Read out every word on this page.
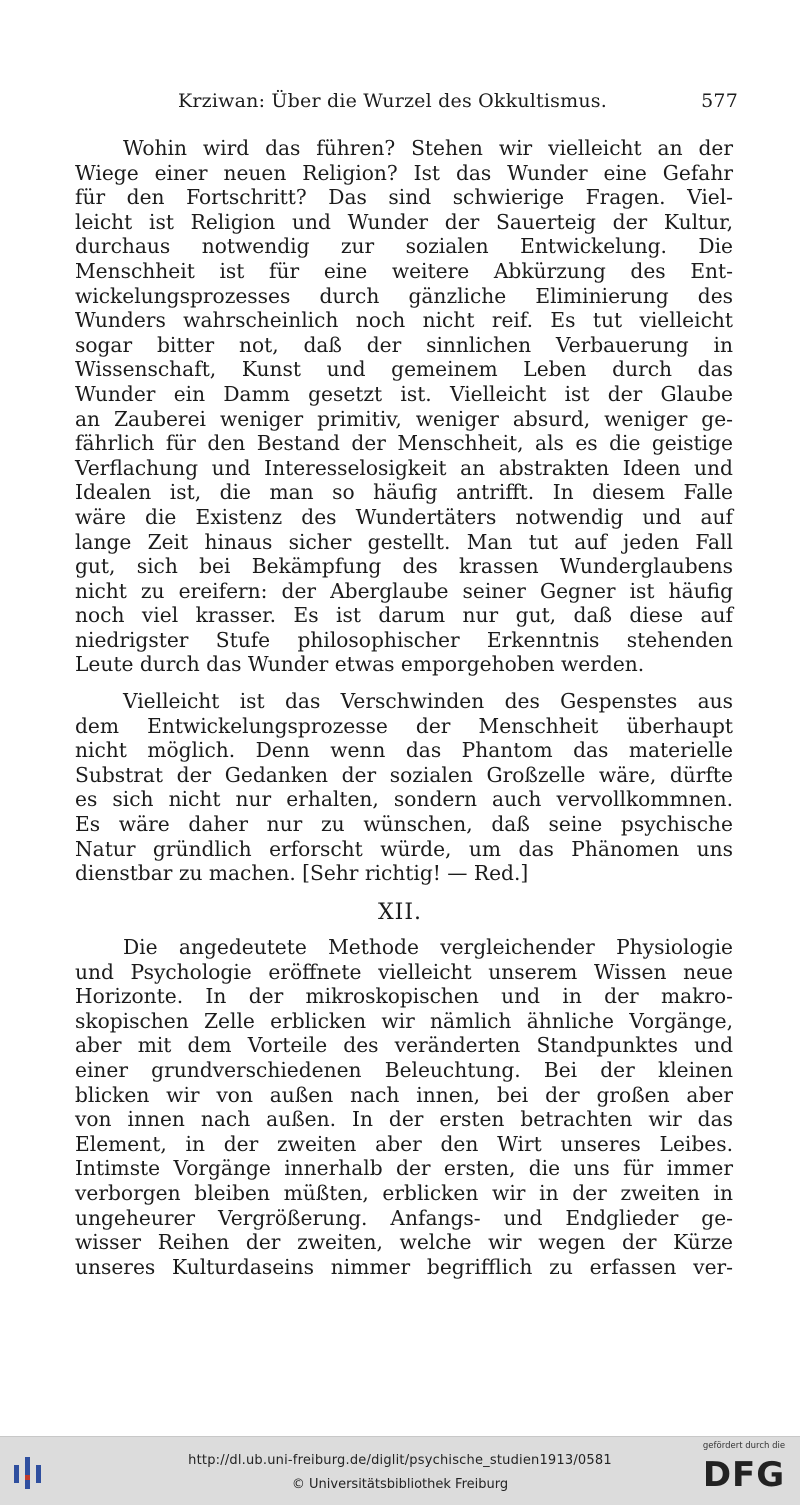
Krziwan: Über die Wurzel des Okkultismus.	577
Wohin wird das führen? Stehen wir vielleicht an der
Wiege einer neuen Religion? Ist das Wunder eine Gefahr
für den Fortschritt? Das sind schwierige Fragen. Viel-
leicht ist Religion und Wunder der Sauerteig der Kultur,
durchaus notwendig zur sozialen Entwickelung. Die
Menschheit ist für eine weitere Abkürzung des Ent-
wickelungsprozesses durch gänzliche Eliminierung des
Wunders wahrscheinlich noch nicht reif. Es tut vielleicht
sogar bitter not, daß der sinnlichen Verbauerung in
Wissenschaft, Kunst und gemeinem Leben durch das
Wunder ein Damm gesetzt ist. Vielleicht ist der Glaube
an Zauberei weniger primitiv, weniger absurd, weniger ge-
fährlich für den Bestand der Menschheit, als es die geistige
Verflachung und Interesselosigkeit an abstrakten Ideen und
Idealen ist, die man so häufig antrifft. In diesem Falle
wäre die Existenz des Wundertäters notwendig und auf
lange Zeit hinaus sicher gestellt. Man tut auf jeden Fall
gut, sich bei Bekämpfung des krassen Wunderglaubens
nicht zu ereifern: der Aberglaube seiner Gegner ist häufig
noch viel krasser. Es ist darum nur gut, daß diese auf
niedrigster Stufe philosophischer Erkenntnis stehenden
Leute durch das Wunder etwas emporgehoben werden.
Vielleicht ist das Verschwinden des Gespenstes aus
dem Entwickelungsprozesse der Menschheit überhaupt
nicht möglich. Denn wenn das Phantom das materielle
Substrat der Gedanken der sozialen Großzelle wäre, dürfte
es sich nicht nur erhalten, sondern auch vervollkommnen.
Es wäre daher nur zu wünschen, daß seine psychische
Natur gründlich erforscht würde, um das Phänomen uns
dienstbar zu machen. [Sehr richtig! — Red.]
XII.
Die angedeutete Methode vergleichender Physiologie
und Psychologie eröffnete vielleicht unserem Wissen neue
Horizonte. In der mikroskopischen und in der makro-
skopischen Zelle erblicken wir nämlich ähnliche Vorgänge,
aber mit dem Vorteile des veränderten Standpunktes und
einer grundverschiedenen Beleuchtung. Bei der kleinen
blicken wir von außen nach innen, bei der großen aber
von innen nach außen. In der ersten betrachten wir das
Element, in der zweiten aber den Wirt unseres Leibes.
Intimste Vorgänge innerhalb der ersten, die uns für immer
verborgen bleiben müßten, erblicken wir in der zweiten in
ungeheurer Vergrößerung. Anfangs- und Endglieder ge-
wisser Reihen der zweiten, welche wir wegen der Kürze
unseres Kulturdaseins nimmer begrifflich zu erfassen ver-
http://dl.ub.uni-freiburg.de/diglit/psychische_studien1913/0581
© Universitätsbibliothek Freiburg
gefördert durch die
DFG
